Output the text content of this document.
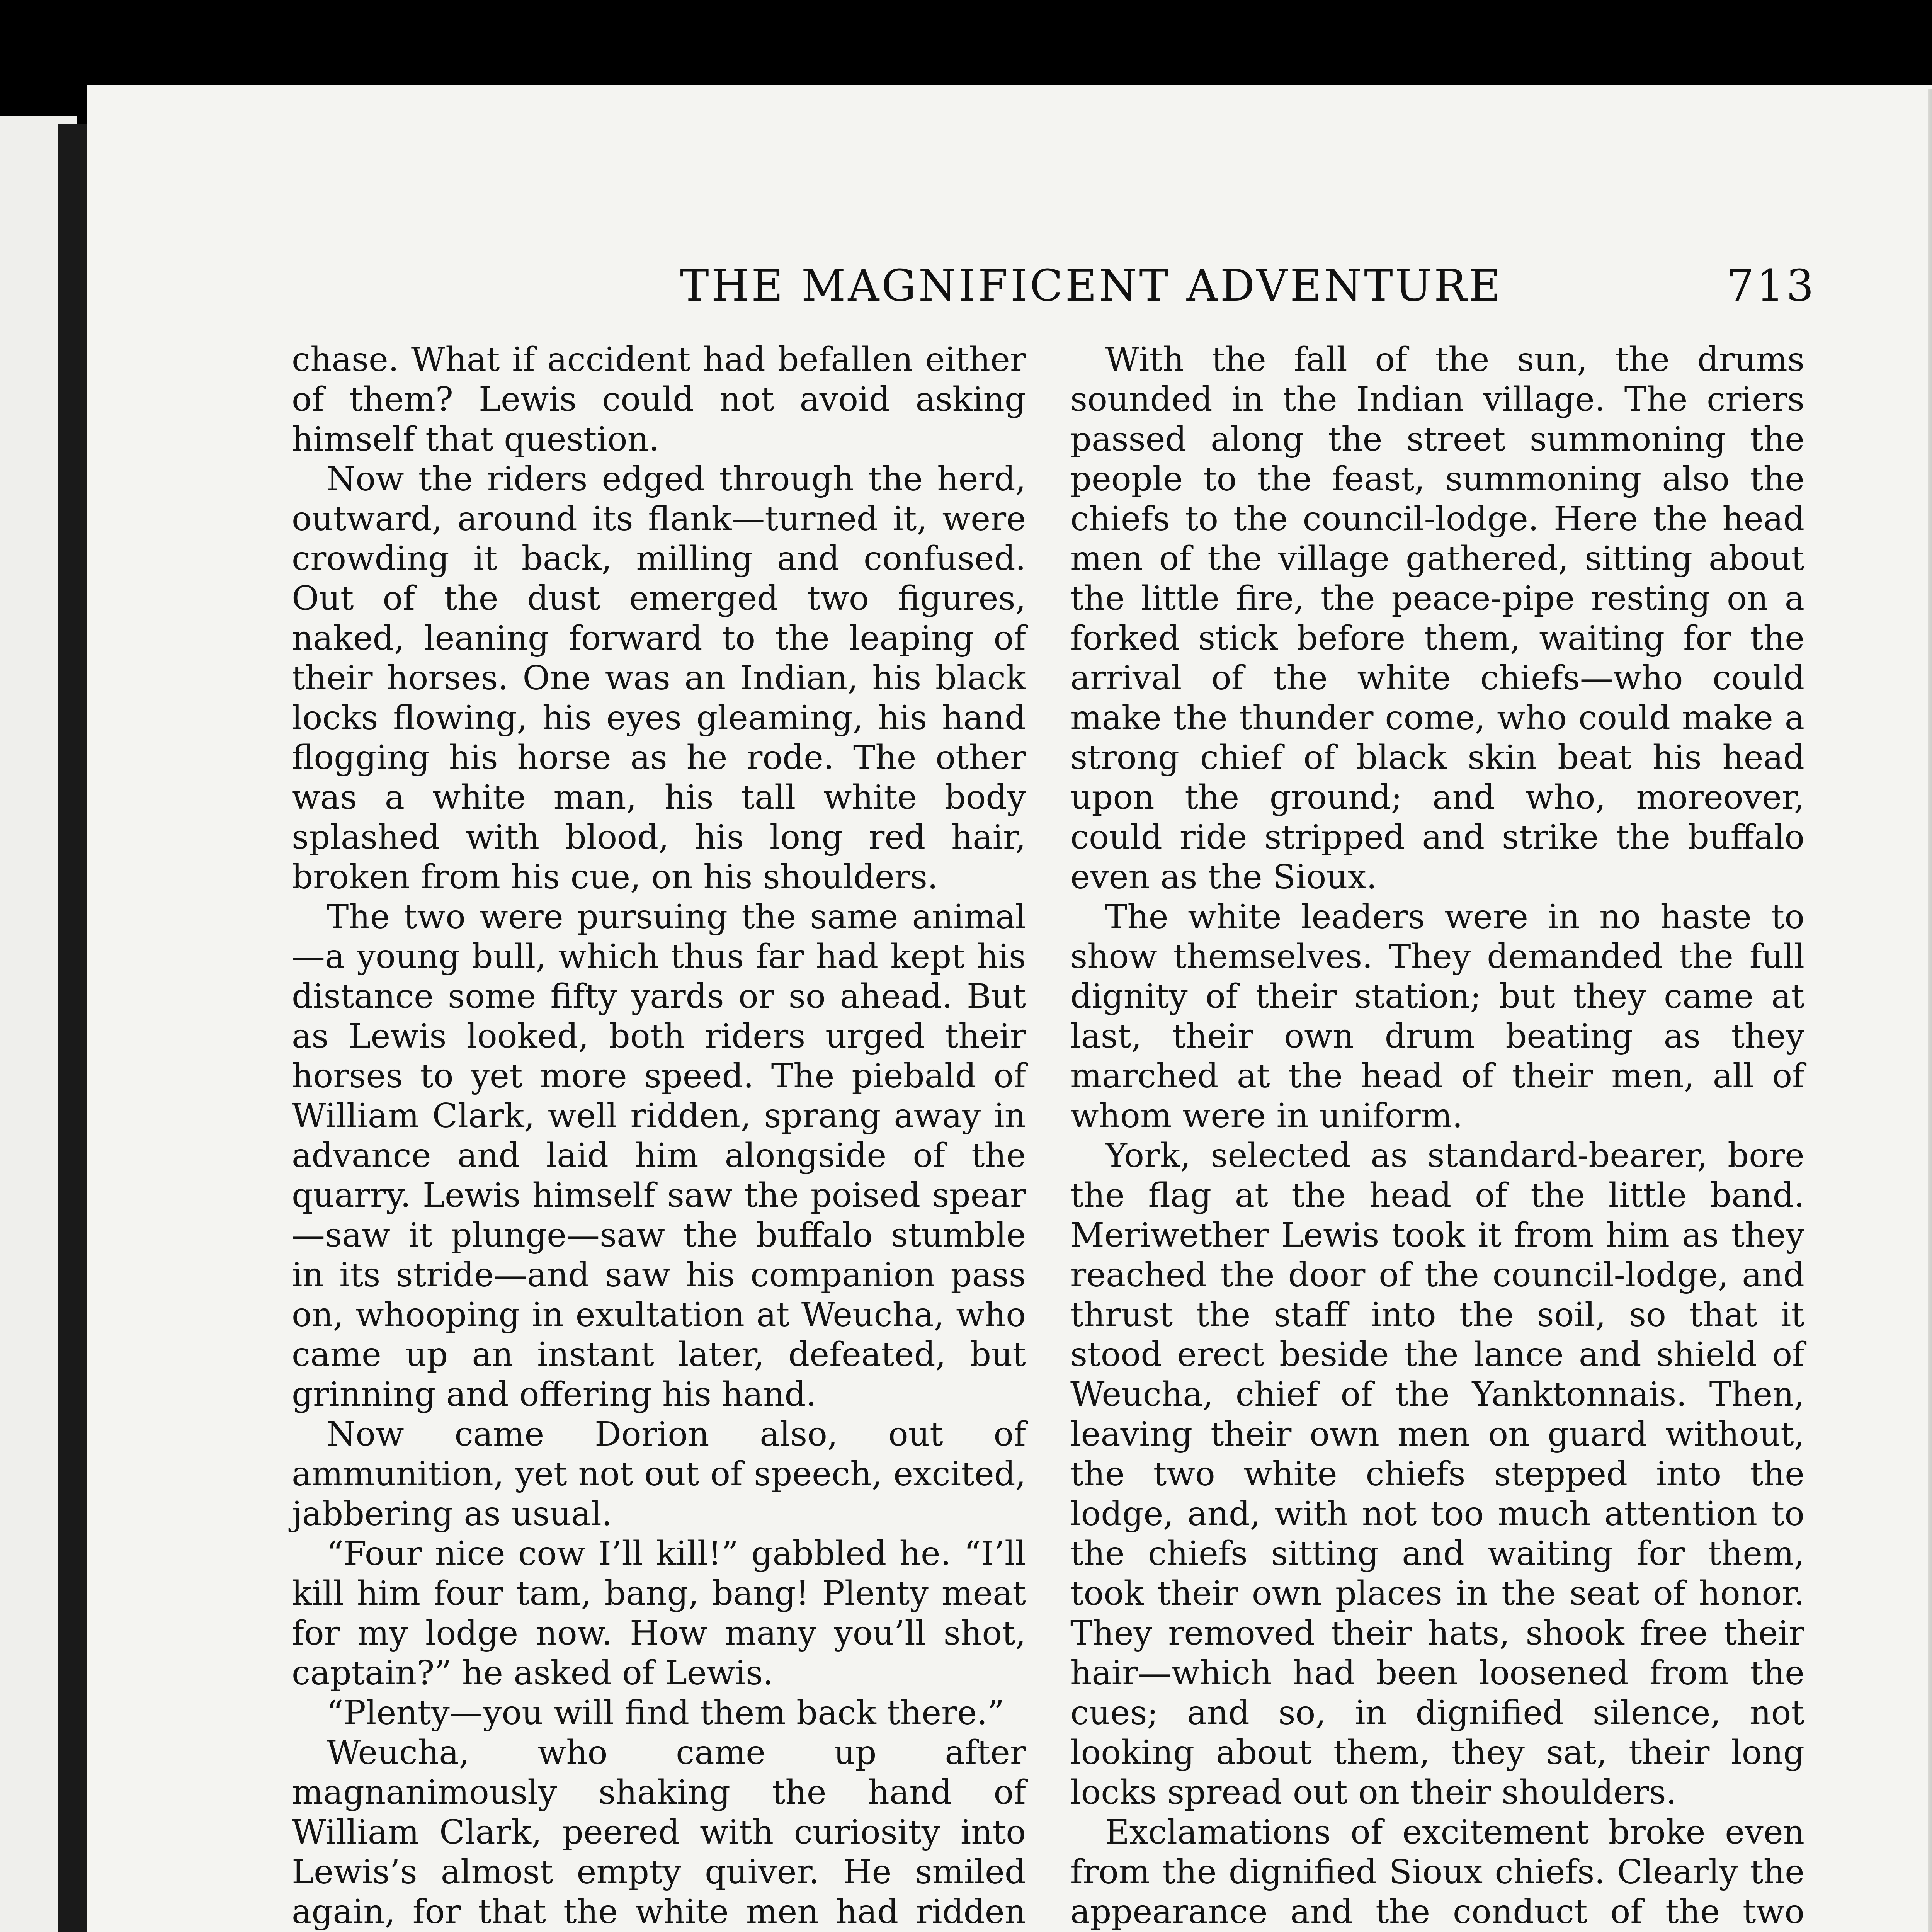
THE MAGNIFICENT ADVENTURE	713

chase. What if accident had befallen either of them? Lewis could not avoid asking himself that question.

Now the riders edged through the herd, outward, around its flank—turned it, were crowding it back, milling and confused. Out of the dust emerged two figures, naked, leaning forward to the leaping of their horses. One was an Indian, his black locks flowing, his eyes gleaming, his hand flogging his horse as he rode. The other was a white man, his tall white body splashed with blood, his long red hair, broken from his cue, on his shoulders.

The two were pursuing the same animal —a young bull, which thus far had kept his distance some fifty yards or so ahead. But as Lewis looked, both riders urged their horses to yet more speed. The piebald of William Clark, well ridden, sprang away in advance and laid him alongside of the quarry. Lewis himself saw the poised spear—saw it plunge—saw the buffalo stumble in its stride—and saw his companion pass on, whooping in exultation at Weucha, who came up an instant later, defeated, but grinning and offering his hand.

Now came Dorion also, out of ammunition, yet not out of speech, excited, jabbering as usual.

“Four nice cow I’ll kill!” gabbled he. “I’ll kill him four tam, bang, bang! Plenty meat for my lodge now. How many you’ll shot, captain?” he asked of Lewis.

“Plenty—you will find them back there.”

Weucha, who came up after magnanimously shaking the hand of William Clark, peered with curiosity into Lewis’s almost empty quiver. He smiled again, for that the white men had ridden

With the fall of the sun, the drums sounded in the Indian village. The criers passed along the street summoning the people to the feast, summoning also the chiefs to the council-lodge. Here the head men of the village gathered, sitting about the little fire, the peace-pipe resting on a forked stick before them, waiting for the arrival of the white chiefs—who could make the thunder come, who could make a strong chief of black skin beat his head upon the ground; and who, moreover, could ride stripped and strike the buffalo even as the Sioux.

The white leaders were in no haste to show themselves. They demanded the full dignity of their station; but they came at last, their own drum beating as they marched at the head of their men, all of whom were in uniform.

York, selected as standard-bearer, bore the flag at the head of the little band. Meriwether Lewis took it from him as they reached the door of the council-lodge, and thrust the staff into the soil, so that it stood erect beside the lance and shield of Weucha, chief of the Yanktonnais. Then, leaving their own men on guard without, the two white chiefs stepped into the lodge, and, with not too much attention to the chiefs sitting and waiting for them, took their own places in the seat of honor. They removed their hats, shook free their hair—which had been loosened from the cues; and so, in dignified silence, not looking about them, they sat, their long locks spread out on their shoulders.

Exclamations of excitement broke even from the dignified Sioux chiefs. Clearly the appearance and the conduct of the two
